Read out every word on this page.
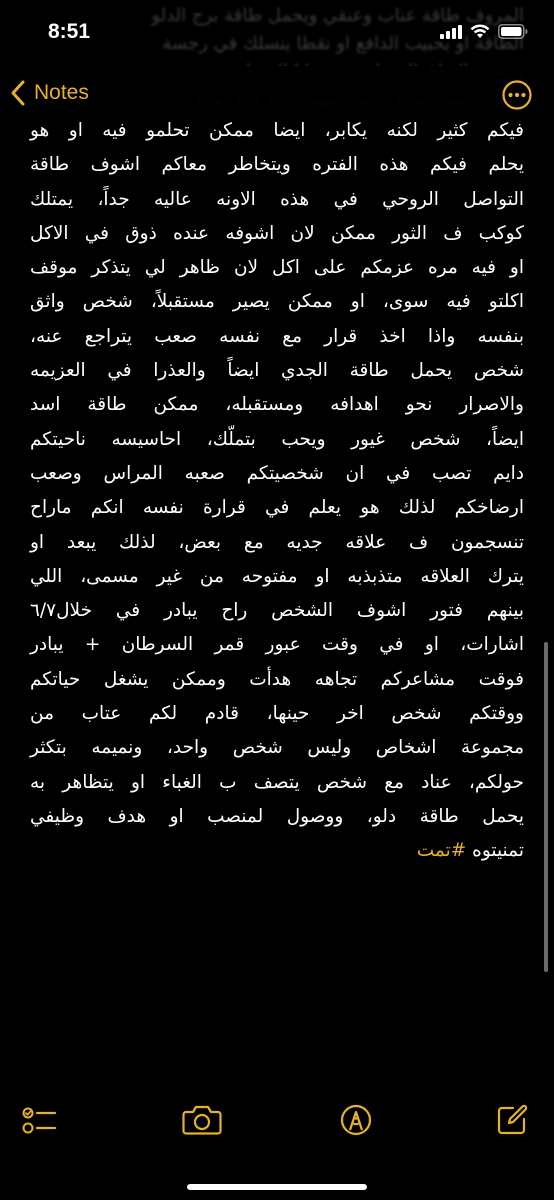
8:51
المروف طاقة عناب وعنقي ويحمل طاقة برج الدلو
الطاقة او يحبيب الدافع او تقطا ينسلك في رجسة
Notes
فيكم كثير لكنه يكابر، ايضا ممكن تحلمو فيه او هو
يحلم فيكم هذه الفتره ويتخاطر معاكم اشوف طاقة
التواصل الروحي في هذه الاونه عاليه جداً، يمتلك
كوكب ف الثور ممكن لان اشوفه عنده ذوق في الاكل
او فيه مره عزمكم على اكل لان ظاهر لي يتذكر موقف
اكلتو فيه سوى، او ممكن يصير مستقبلاً، شخص واثق
بنفسه واذا اخذ قرار مع نفسه صعب يتراجع عنه،
شخص يحمل طاقة الجدي ايضاً والعذرا في العزيمه
والاصرار نحو اهدافه ومستقبله، ممكن طاقة اسد
ايضاً، شخص غيور ويحب بتملّك، احاسيسه ناحيتكم
دايم تصب في ان شخصيتكم صعبه المراس وصعب
ارضاخكم لذلك هو يعلم في قرارة نفسه انكم ماراح
تنسجمون ف علاقه جديه مع بعض، لذلك يبعد او
يترك العلاقه متذبذبه او مفتوحه من غير مسمى، اللي
بينهم فتور اشوف الشخص راح يبادر في خلال٦/٧
اشارات، او في وقت عبور قمر السرطان + يبادر
فوقت مشاعركم تجاهه هدأت وممكن يشغل حياتكم
ووقتكم شخص اخر حينها، قادم لكم عتاب من
مجموعة اشخاص وليس شخص واحد، ونميمه بتكثر
حولكم، عناد مع شخص يتصف ب الغباء او يتظاهر به
يحمل طاقة دلو، ووصول لمنصب او هدف وظيفي
تمنيتوه #تمت
